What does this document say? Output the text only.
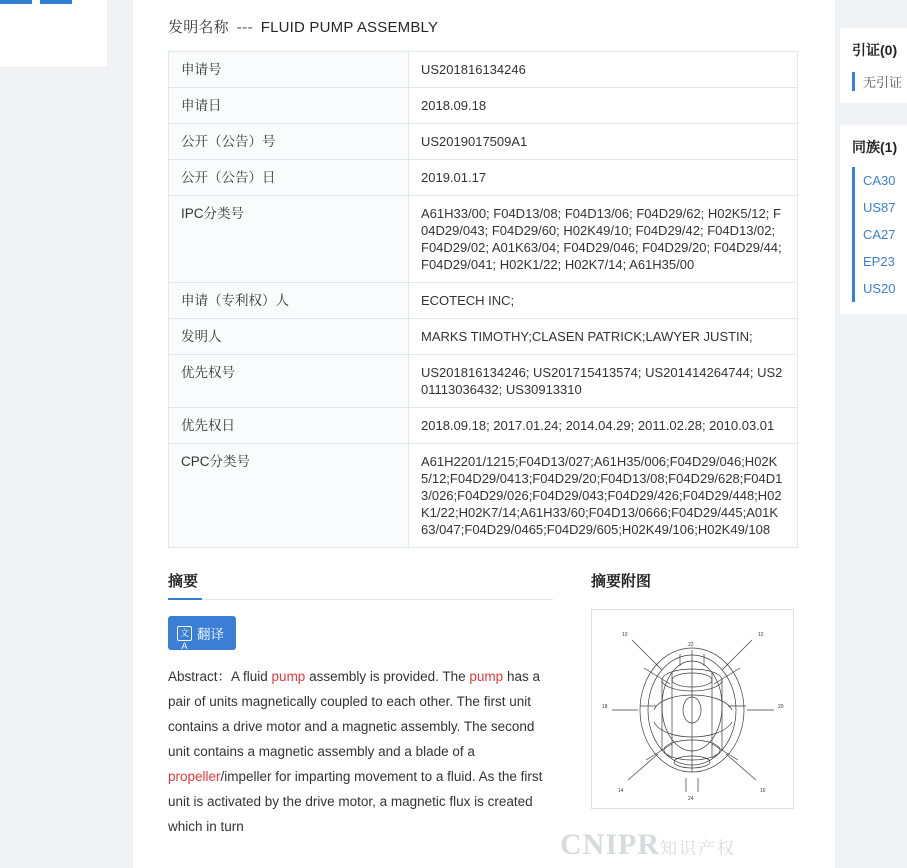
发明名称 --- FLUID PUMP ASSEMBLY
申请号	US201816134246
申请日	2018.09.18
公开（公告）号	US2019017509A1
公开（公告）日	2019.01.17
IPC分类号	A61H33/00; F04D13/08; F04D13/06; F04D29/62; H02K5/12; F04D29/043; F04D29/60; H02K49/10; F04D29/42; F04D13/02; F04D29/02; A01K63/04; F04D29/046; F04D29/20; F04D29/44; F04D29/041; H02K1/22; H02K7/14; A61H35/00
申请（专利权）人	ECOTECH INC;
发明人	MARKS TIMOTHY;CLASEN PATRICK;LAWYER JUSTIN;
优先权号	US201816134246; US201715413574; US201414264744; US201113036432; US30913310
优先权日	2018.09.18; 2017.01.24; 2014.04.29; 2011.02.28; 2010.03.01
CPC分类号	A61H2201/1215;F04D13/027;A61H35/006;F04D29/046;H02K5/12;F04D29/0413;F04D29/20;F04D13/08;F04D29/628;F04D13/026;F04D29/026;F04D29/043;F04D29/426;F04D29/448;H02K1/22;H02K7/14;A61H33/60;F04D13/0666;F04D29/445;A01K63/047;F04D29/0465;F04D29/605;H02K49/106;H02K49/108
摘要
文A
翻译
Abstract：A fluid pump assembly is provided. The pump has a pair of units magnetically coupled to each other. The first unit contains a drive motor and a magnetic assembly. The second unit contains a magnetic assembly and a blade of a propeller/impeller for imparting movement to a fluid. As the first unit is activated by the drive motor, a magnetic flux is created which in turn
摘要附图
10	12
14	16
18	20
22
24
引证(0)
无引证
同族(1)
CA30
US87
CA27
EP23
US20
CNIPR知识产权
